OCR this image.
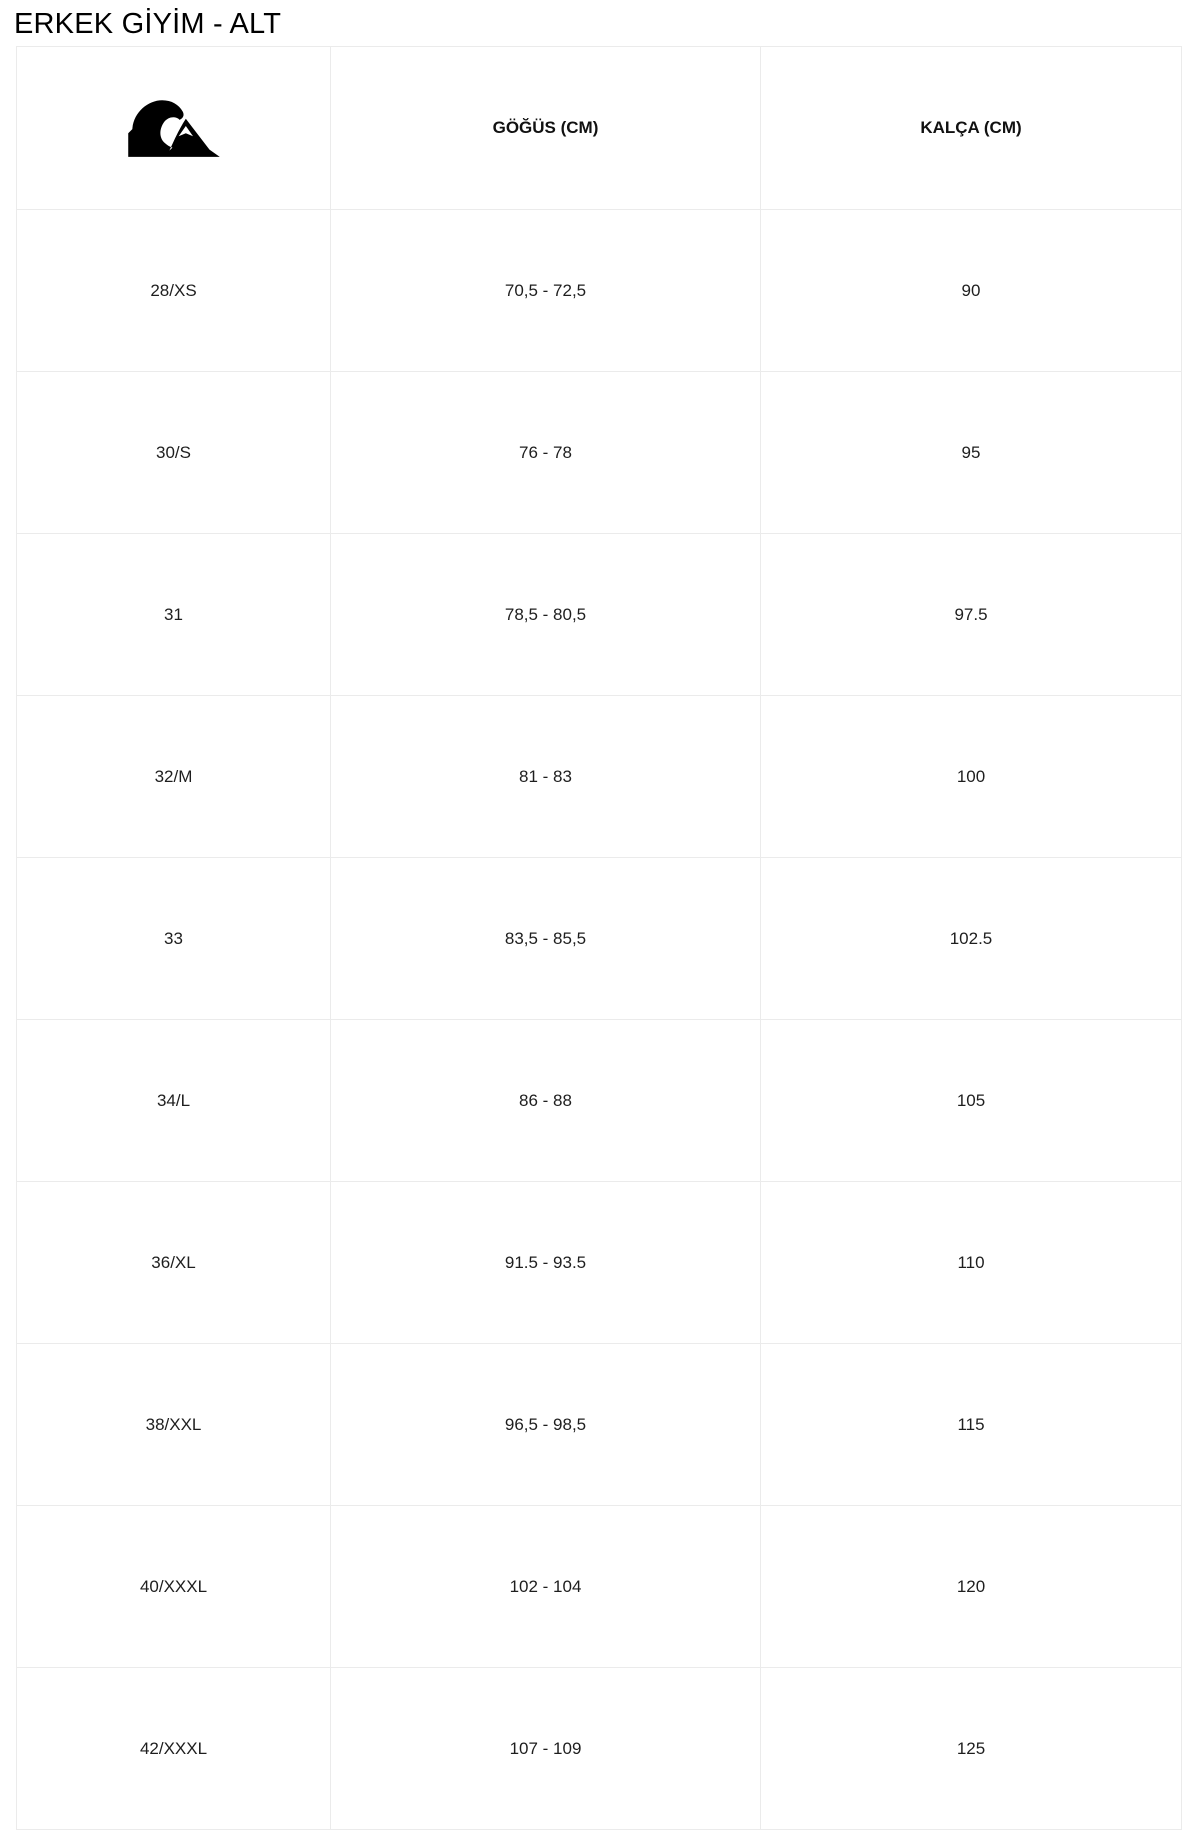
ERKEK GİYİM - ALT
	GÖĞÜS (CM)	KALÇA (CM)
28/XS	70,5 - 72,5	90
30/S	76 - 78	95
31	78,5 - 80,5	97.5
32/M	81 - 83	100
33	83,5 - 85,5	102.5
34/L	86 - 88	105
36/XL	91.5 - 93.5	110
38/XXL	96,5 - 98,5	115
40/XXXL	102 - 104	120
42/XXXL	107 - 109	125
